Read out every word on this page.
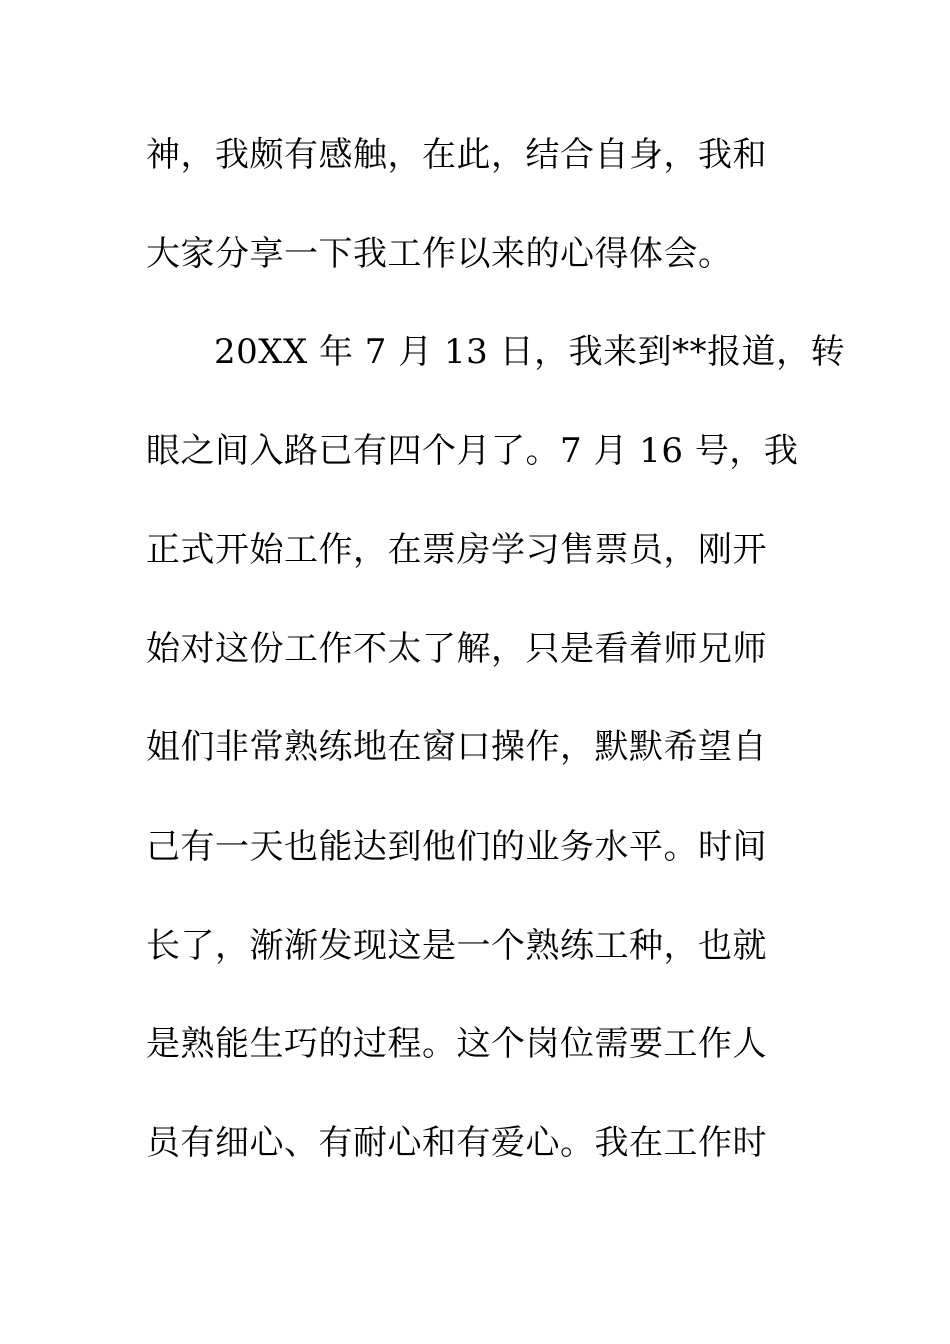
神，我颇有感触，在此，结合自身，我和
大家分享一下我工作以来的心得体会。
20XX 年 7 月 13 日，我来到**报道，转
眼之间入路已有四个月了。7 月 16 号，我
正式开始工作，在票房学习售票员，刚开
始对这份工作不太了解，只是看着师兄师
姐们非常熟练地在窗口操作，默默希望自
己有一天也能达到他们的业务水平。时间
长了，渐渐发现这是一个熟练工种，也就
是熟能生巧的过程。这个岗位需要工作人
员有细心、有耐心和有爱心。我在工作时
